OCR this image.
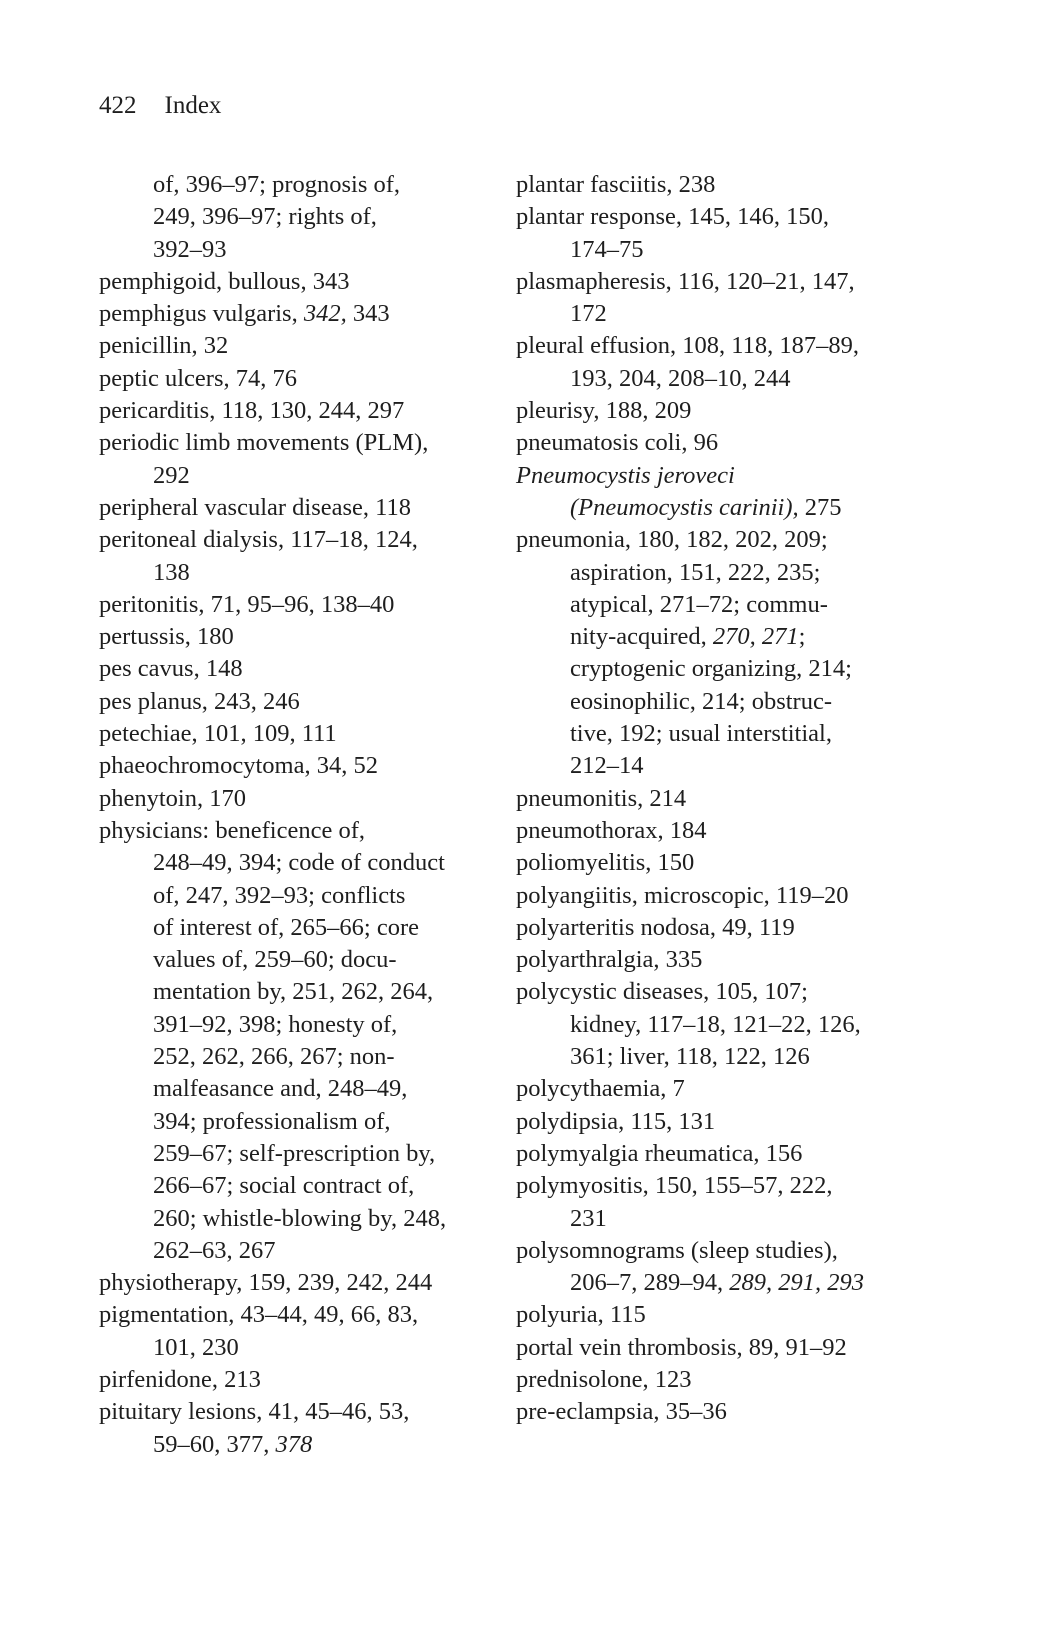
422 Index
of, 396–97; prognosis of,
249, 396–97; rights of,
392–93
pemphigoid, bullous, 343
pemphigus vulgaris, 342, 343
penicillin, 32
peptic ulcers, 74, 76
pericarditis, 118, 130, 244, 297
periodic limb movements (PLM),
292
peripheral vascular disease, 118
peritoneal dialysis, 117–18, 124,
138
peritonitis, 71, 95–96, 138–40
pertussis, 180
pes cavus, 148
pes planus, 243, 246
petechiae, 101, 109, 111
phaeochromocytoma, 34, 52
phenytoin, 170
physicians: beneficence of,
248–49, 394; code of conduct
of, 247, 392–93; conflicts
of interest of, 265–66; core
values of, 259–60; docu-
mentation by, 251, 262, 264,
391–92, 398; honesty of,
252, 262, 266, 267; non-
malfeasance and, 248–49,
394; professionalism of,
259–67; self-prescription by,
266–67; social contract of,
260; whistle-blowing by, 248,
262–63, 267
physiotherapy, 159, 239, 242, 244
pigmentation, 43–44, 49, 66, 83,
101, 230
pirfenidone, 213
pituitary lesions, 41, 45–46, 53,
59–60, 377, 378
plantar fasciitis, 238
plantar response, 145, 146, 150,
174–75
plasmapheresis, 116, 120–21, 147,
172
pleural effusion, 108, 118, 187–89,
193, 204, 208–10, 244
pleurisy, 188, 209
pneumatosis coli, 96
Pneumocystis jeroveci
(Pneumocystis carinii), 275
pneumonia, 180, 182, 202, 209;
aspiration, 151, 222, 235;
atypical, 271–72; commu-
nity-acquired, 270, 271;
cryptogenic organizing, 214;
eosinophilic, 214; obstruc-
tive, 192; usual interstitial,
212–14
pneumonitis, 214
pneumothorax, 184
poliomyelitis, 150
polyangiitis, microscopic, 119–20
polyarteritis nodosa, 49, 119
polyarthralgia, 335
polycystic diseases, 105, 107;
kidney, 117–18, 121–22, 126,
361; liver, 118, 122, 126
polycythaemia, 7
polydipsia, 115, 131
polymyalgia rheumatica, 156
polymyositis, 150, 155–57, 222,
231
polysomnograms (sleep studies),
206–7, 289–94, 289, 291, 293
polyuria, 115
portal vein thrombosis, 89, 91–92
prednisolone, 123
pre-eclampsia, 35–36
